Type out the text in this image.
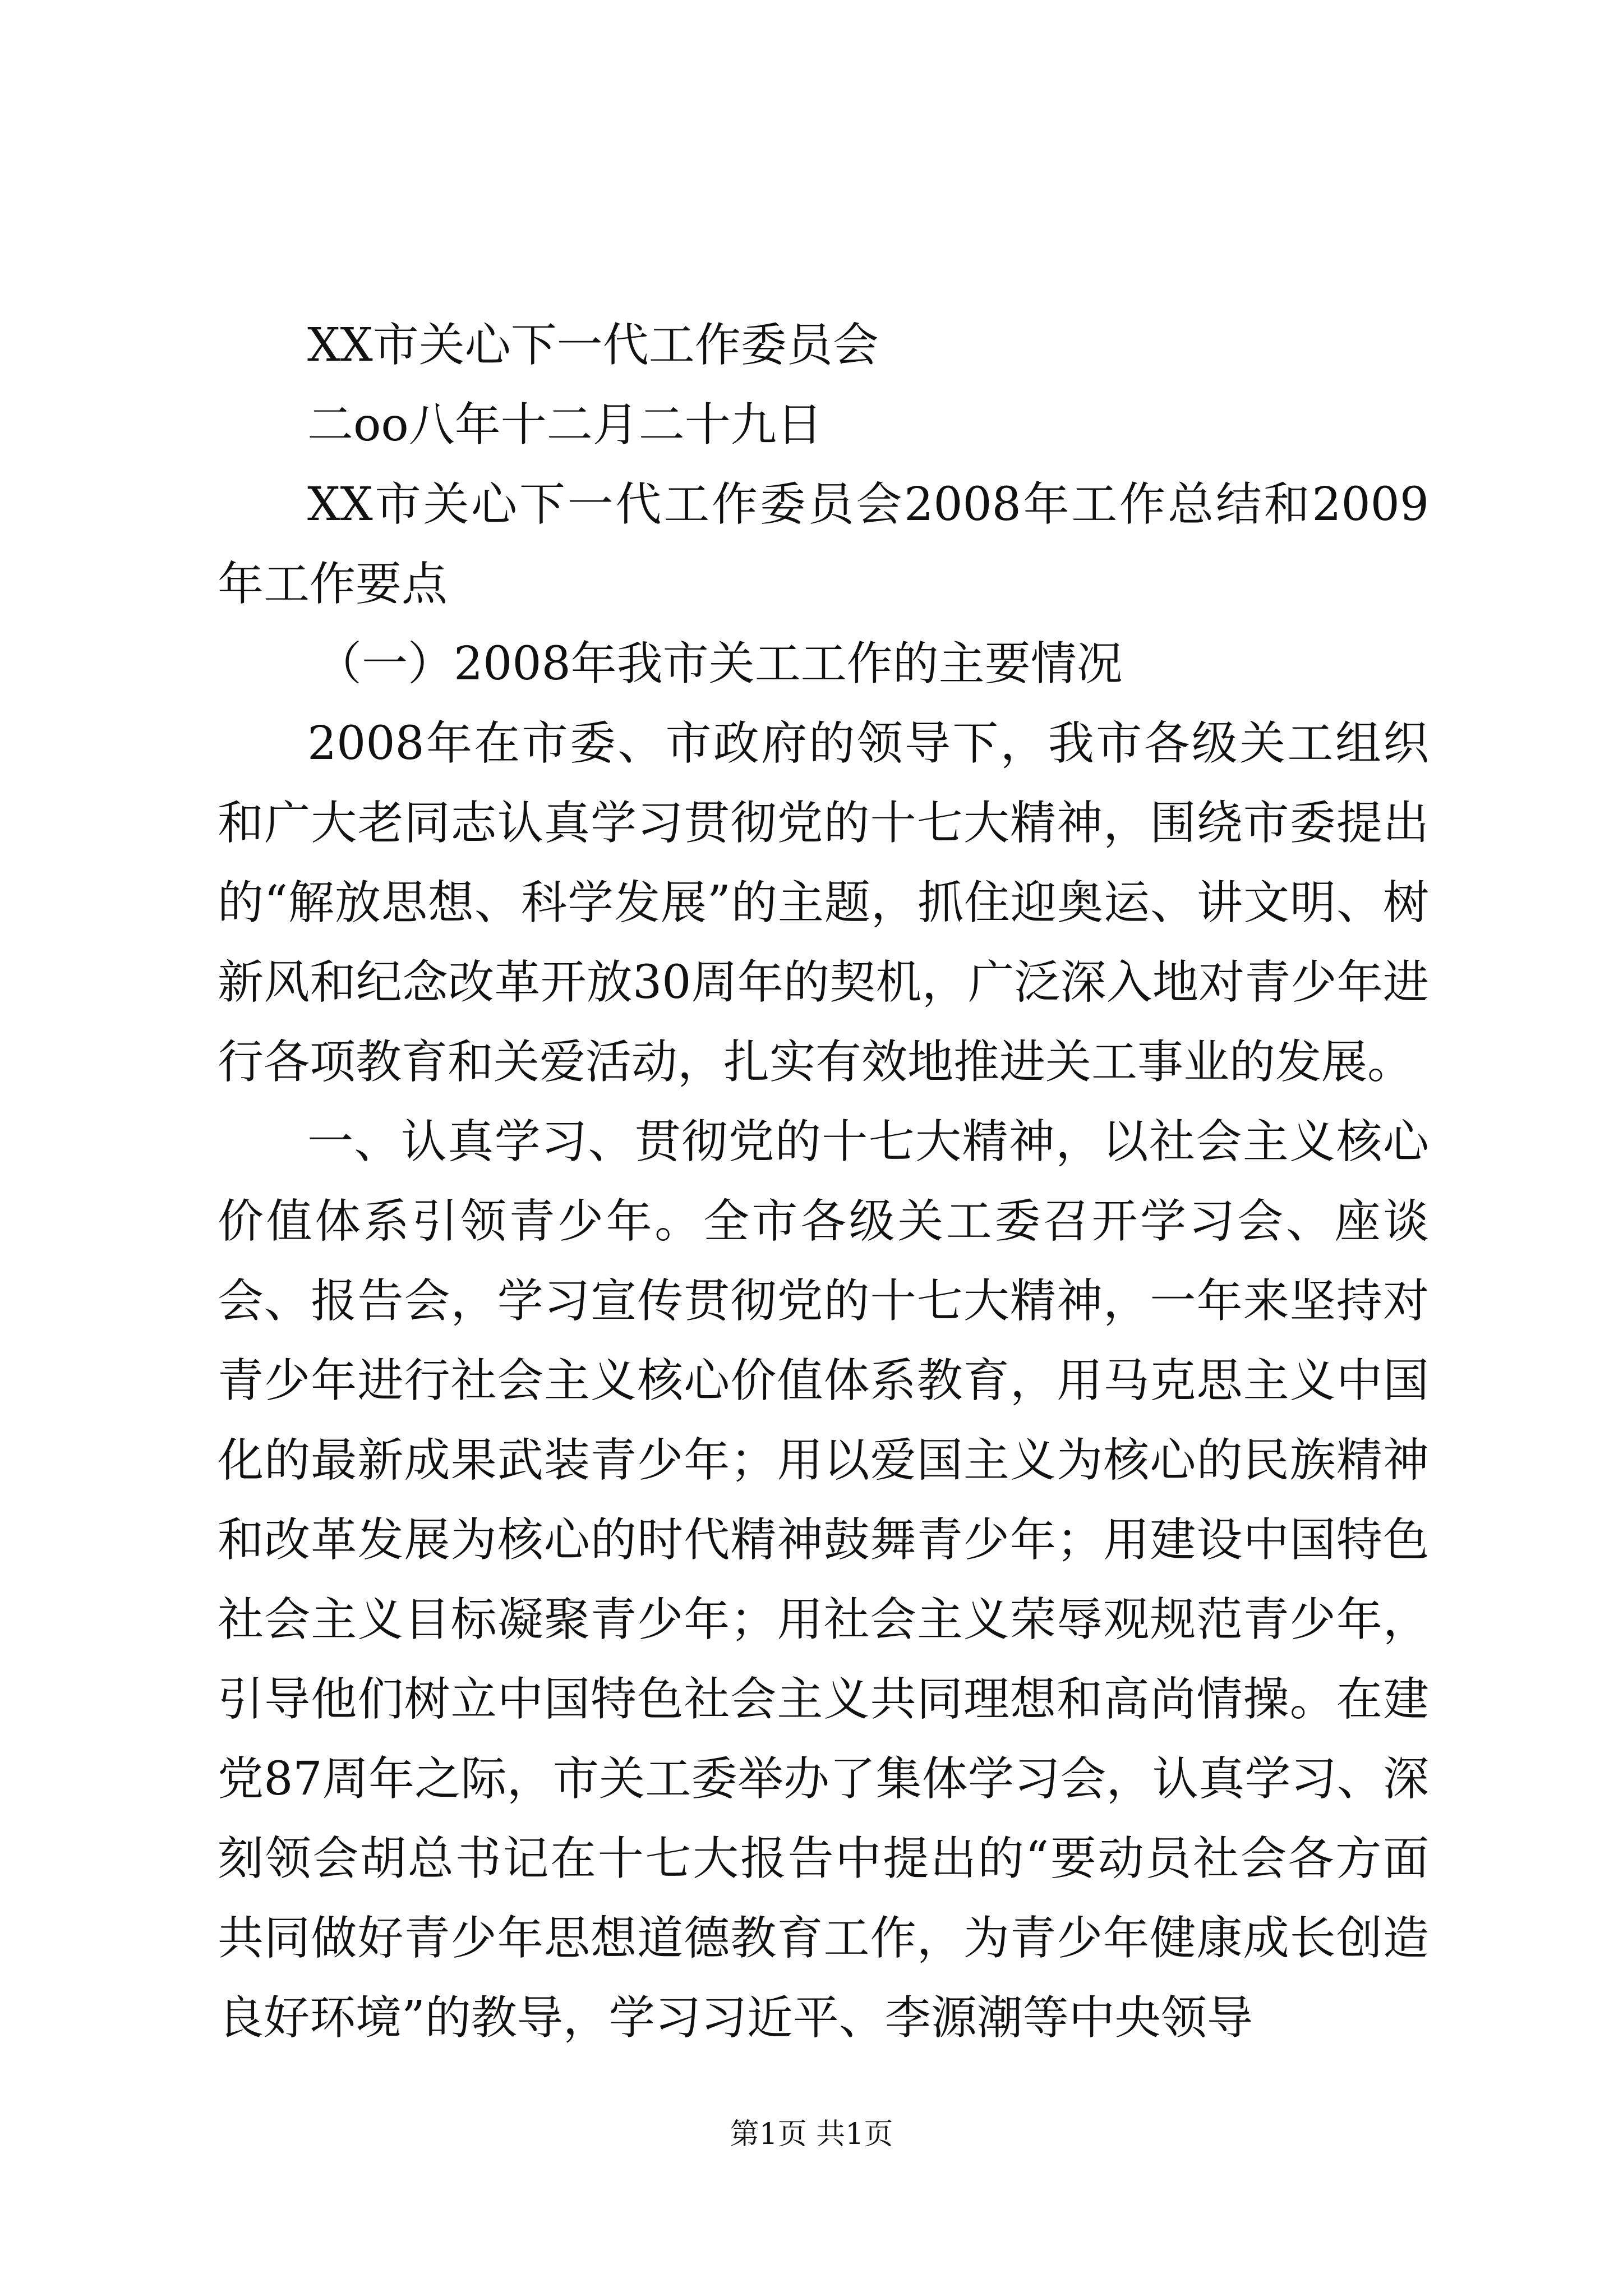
XX市关心下一代工作委员会
二oo八年十二月二十九日

XX市关心下一代工作委员会2008年工作总结和2009年工作要点

（一）2008年我市关工工作的主要情况

2008年在市委、市政府的领导下，我市各级关工组织和广大老同志认真学习贯彻党的十七大精神，围绕市委提出的“解放思想、科学发展”的主题，抓住迎奥运、讲文明、树新风和纪念改革开放30周年的契机，广泛深入地对青少年进行各项教育和关爱活动，扎实有效地推进关工事业的发展。

一、认真学习、贯彻党的十七大精神，以社会主义核心价值体系引领青少年。全市各级关工委召开学习会、座谈会、报告会，学习宣传贯彻党的十七大精神，一年来坚持对青少年进行社会主义核心价值体系教育，用马克思主义中国化的最新成果武装青少年；用以爱国主义为核心的民族精神和改革发展为核心的时代精神鼓舞青少年；用建设中国特色社会主义目标凝聚青少年；用社会主义荣辱观规范青少年，引导他们树立中国特色社会主义共同理想和高尚情操。在建党87周年之际，市关工委举办了集体学习会，认真学习、深刻领会胡总书记在十七大报告中提出的“要动员社会各方面共同做好青少年思想道德教育工作，为青少年健康成长创造良好环境”的教导，学习习近平、李源潮等中央领导

第1页 共1页
